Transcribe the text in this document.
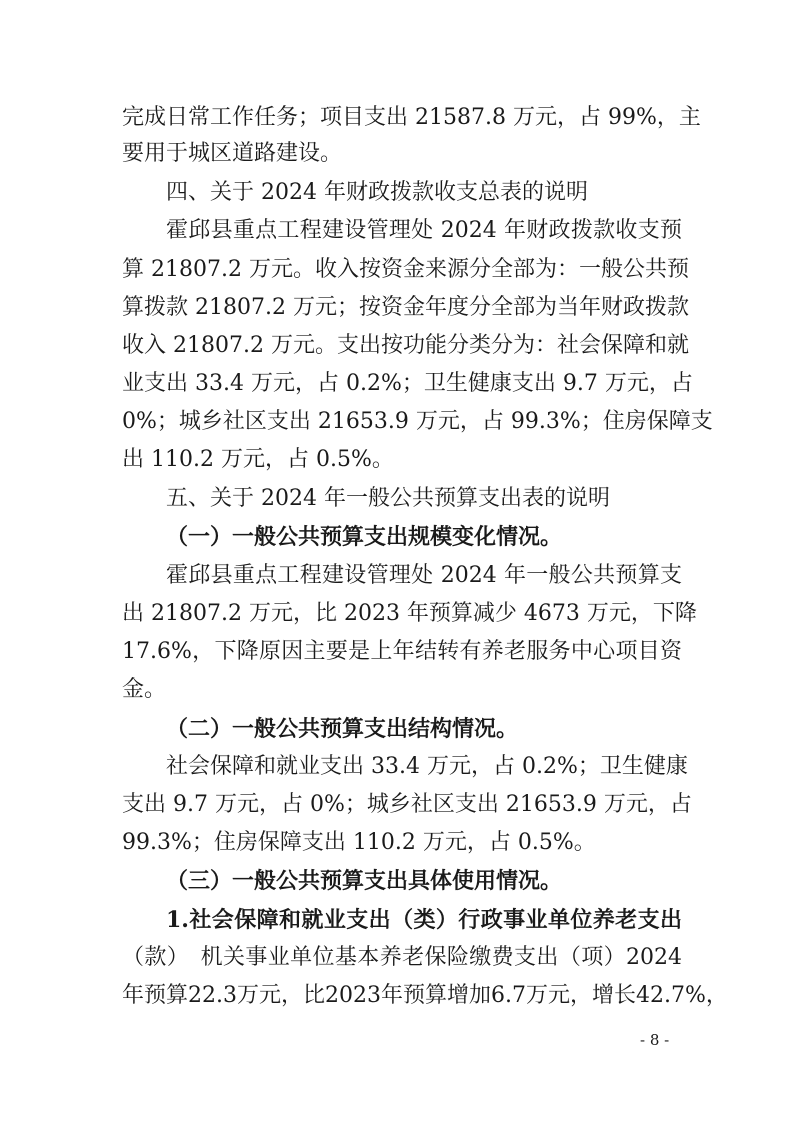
完成日常工作任务；项目支出 21587.8 万元，占 99%，主
要用于城区道路建设。
四、关于 2024 年财政拨款收支总表的说明
霍邱县重点工程建设管理处 2024 年财政拨款收支预
算 21807.2 万元。收入按资金来源分全部为：一般公共预
算拨款 21807.2 万元；按资金年度分全部为当年财政拨款
收入 21807.2 万元。支出按功能分类分为：社会保障和就
业支出 33.4 万元，占 0.2%；卫生健康支出 9.7 万元，占
0%；城乡社区支出 21653.9 万元，占 99.3%；住房保障支
出 110.2 万元，占 0.5%。
五、关于 2024 年一般公共预算支出表的说明
（一）一般公共预算支出规模变化情况。
霍邱县重点工程建设管理处 2024 年一般公共预算支
出 21807.2 万元，比 2023 年预算减少 4673 万元，下降
17.6%，下降原因主要是上年结转有养老服务中心项目资
金。
（二）一般公共预算支出结构情况。
社会保障和就业支出 33.4 万元，占 0.2%；卫生健康
支出 9.7 万元，占 0%；城乡社区支出 21653.9 万元，占
99.3%；住房保障支出 110.2 万元，占 0.5%。
（三）一般公共预算支出具体使用情况。
1.社会保障和就业支出（类）行政事业单位养老支出
（款）　机关事业单位基本养老保险缴费支出（项）2024
年预算22.3万元，比2023年预算增加6.7万元，增长42.7%，
- 8 -
